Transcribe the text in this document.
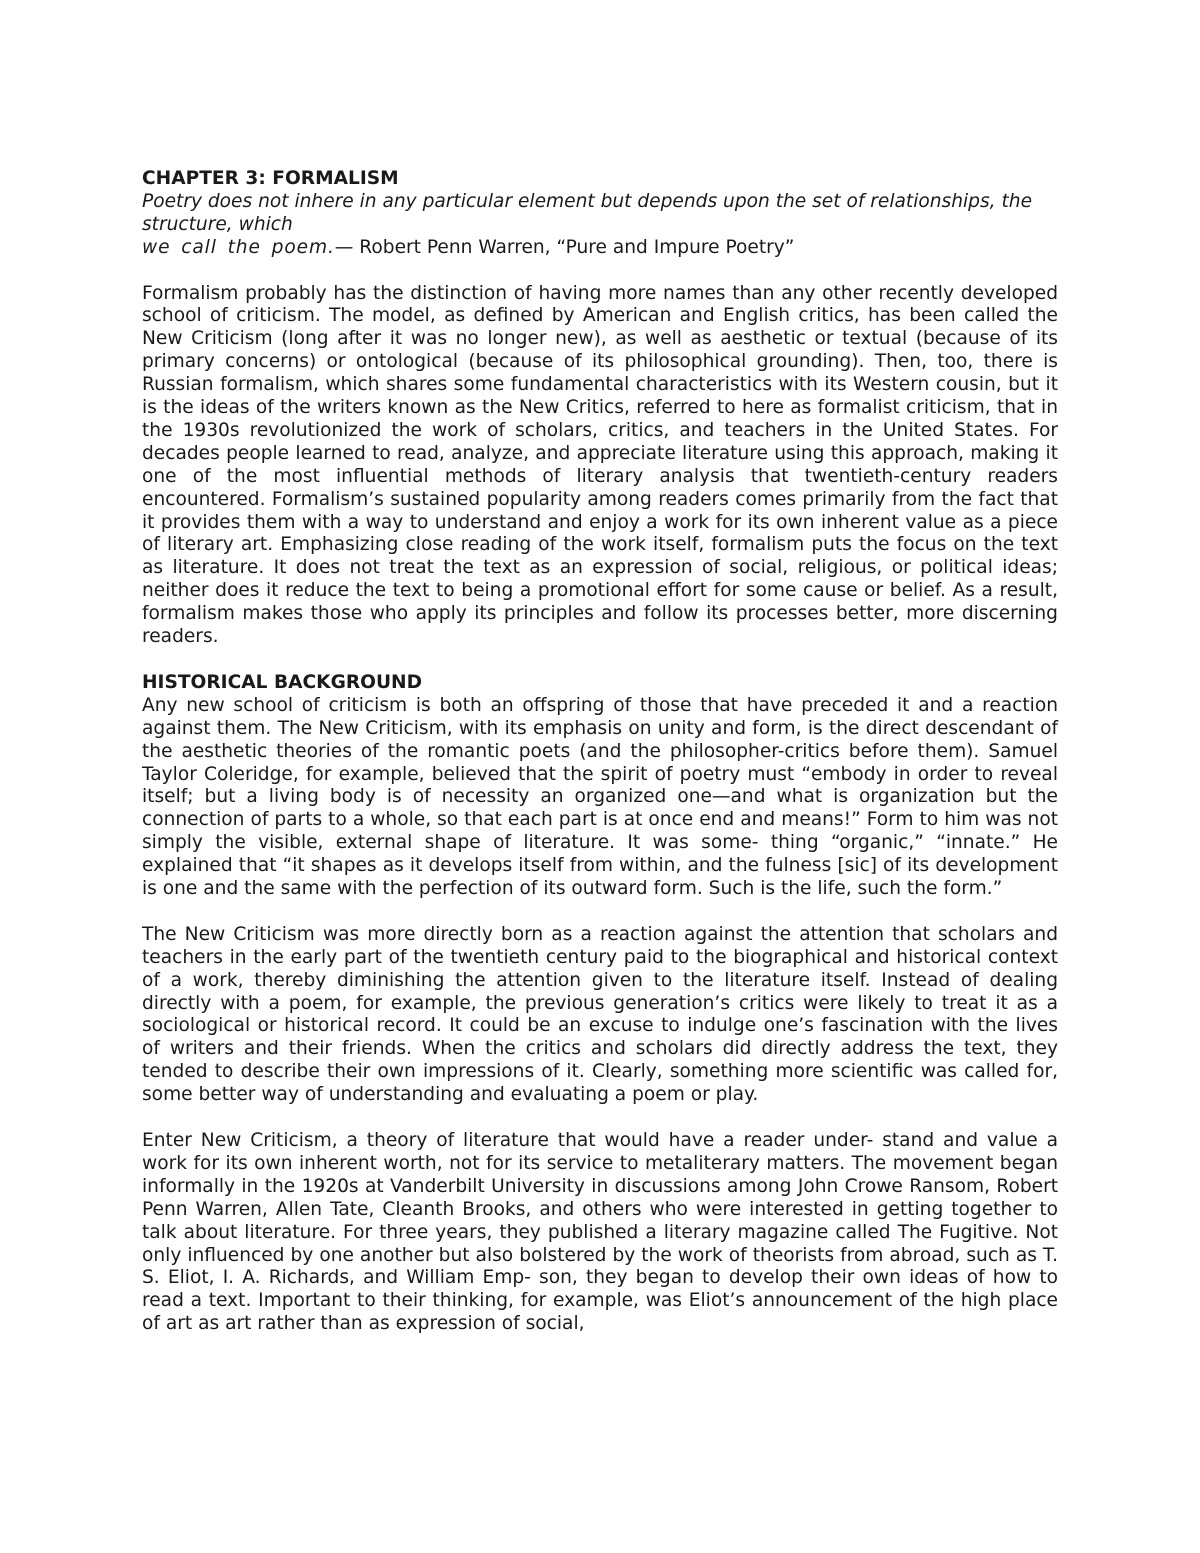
CHAPTER 3: FORMALISM

Poetry does not inhere in any particular element but depends upon the set of relationships, the structure, which
we call the poem.— Robert Penn Warren, “Pure and Impure Poetry”

Formalism probably has the distinction of having more names than any other recently developed school of criticism. The model, as defined by American and English critics, has been called the New Criticism (long after it was no longer new), as well as aesthetic or textual (because of its primary concerns) or ontological (because of its philosophical grounding). Then, too, there is Russian formalism, which shares some fundamental characteristics with its Western cousin, but it is the ideas of the writers known as the New Critics, referred to here as formalist criticism, that in the 1930s revolutionized the work of scholars, critics, and teachers in the United States. For decades people learned to read, analyze, and appreciate literature using this approach, making it one of the most influential methods of literary analysis that twentieth-century readers encountered. Formalism’s sustained popularity among readers comes primarily from the fact that it provides them with a way to understand and enjoy a work for its own inherent value as a piece of literary art. Emphasizing close reading of the work itself, formalism puts the focus on the text as literature. It does not treat the text as an expression of social, religious, or political ideas; neither does it reduce the text to being a promotional effort for some cause or belief. As a result, formalism makes those who apply its principles and follow its processes better, more discerning readers.

HISTORICAL BACKGROUND

Any new school of criticism is both an offspring of those that have preceded it and a reaction against them. The New Criticism, with its emphasis on unity and form, is the direct descendant of the aesthetic theories of the romantic poets (and the philosopher-critics before them). Samuel Taylor Coleridge, for example, believed that the spirit of poetry must “embody in order to reveal itself; but a living body is of necessity an organized one—and what is organization but the connection of parts to a whole, so that each part is at once end and means!” Form to him was not simply the visible, external shape of literature. It was some- thing “organic,” “innate.” He explained that “it shapes as it develops itself from within, and the fulness [sic] of its development is one and the same with the perfection of its outward form. Such is the life, such the form.”

The New Criticism was more directly born as a reaction against the attention that scholars and teachers in the early part of the twentieth century paid to the biographical and historical context of a work, thereby diminishing the attention given to the literature itself. Instead of dealing directly with a poem, for example, the previous generation’s critics were likely to treat it as a sociological or historical record. It could be an excuse to indulge one’s fascination with the lives of writers and their friends. When the critics and scholars did directly address the text, they tended to describe their own impressions of it. Clearly, something more scientific was called for, some better way of understanding and evaluating a poem or play.

Enter New Criticism, a theory of literature that would have a reader under- stand and value a work for its own inherent worth, not for its service to metaliterary matters. The movement began informally in the 1920s at Vanderbilt University in discussions among John Crowe Ransom, Robert Penn Warren, Allen Tate, Cleanth Brooks, and others who were interested in getting together to talk about literature. For three years, they published a literary magazine called The Fugitive. Not only influenced by one another but also bolstered by the work of theorists from abroad, such as T. S. Eliot, I. A. Richards, and William Emp- son, they began to develop their own ideas of how to read a text. Important to their thinking, for example, was Eliot’s announcement of the high place of art as art rather than as expression of social,
